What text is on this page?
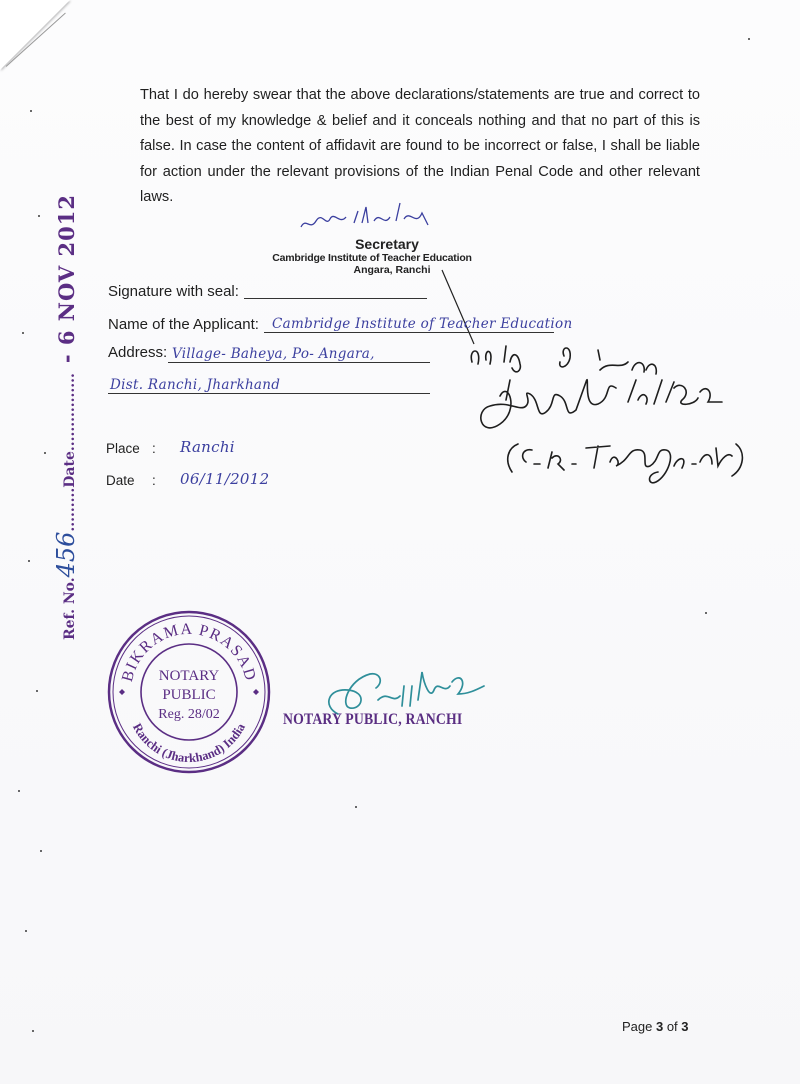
That I do hereby swear that the above declarations/statements are true and correct to the best of my knowledge & belief and it conceals nothing and that no part of this is false. In case the content of affidavit are found to be incorrect or false, I shall be liable for action under the relevant provisions of the Indian Penal Code and other relevant laws.
Secretary
Cambridge Institute of Teacher Education
Angara, Ranchi
Signature with seal:
Name of the Applicant: Cambridge Institute of Teacher Education
Address: Village- Baheya, Po- Angara,
Dist. Ranchi, Jharkhand
Place : Ranchi
Date : 06/11/2012
Ref. No.456.........Date................- 6 NOV 2012
BIKRAMA PRASAD
Ranchi (Jharkhand) India
NOTARY
PUBLIC
Reg. 28/02	NOTARY PUBLIC, RANCHI
Page 3 of 3
